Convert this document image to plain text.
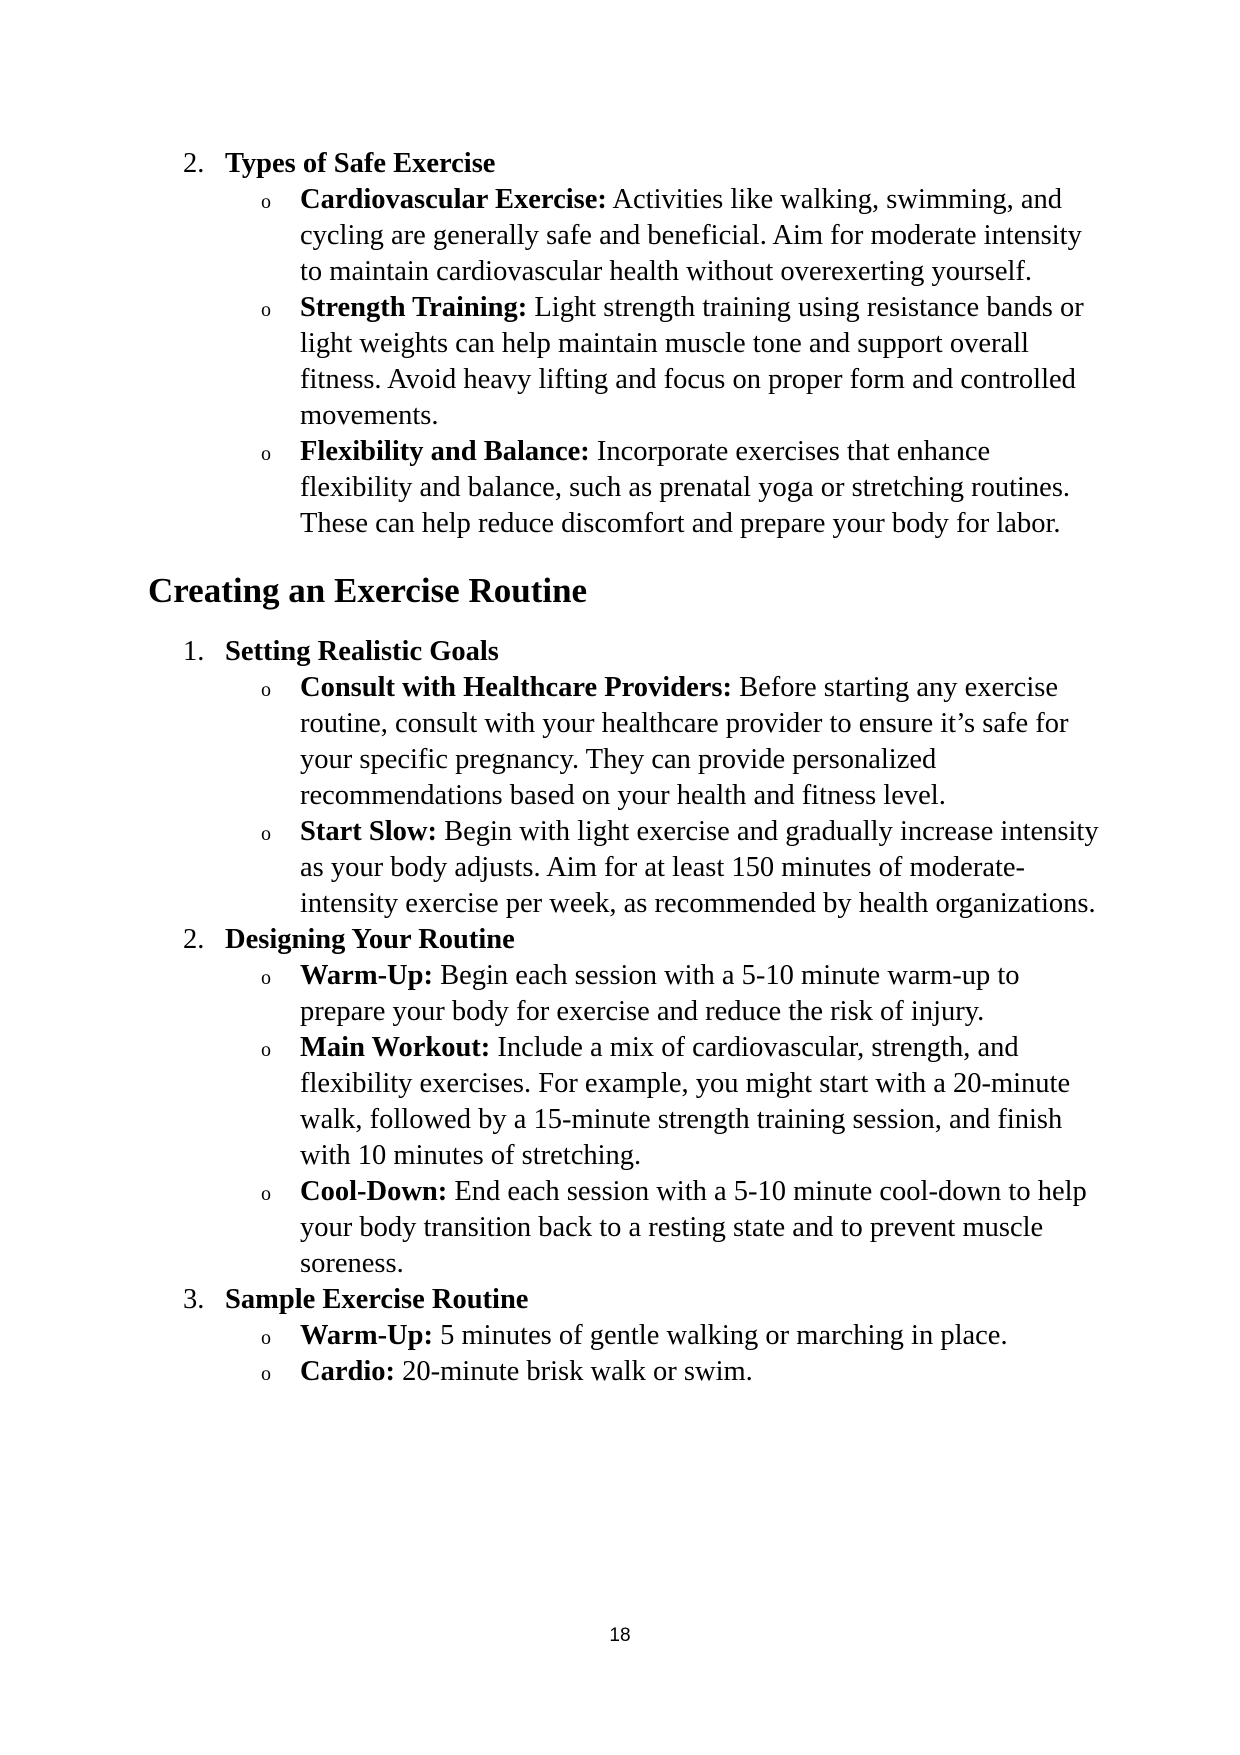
2. Types of Safe Exercise
o Cardiovascular Exercise: Activities like walking, swimming, and cycling are generally safe and beneficial. Aim for moderate intensity to maintain cardiovascular health without overexerting yourself.
o Strength Training: Light strength training using resistance bands or light weights can help maintain muscle tone and support overall fitness. Avoid heavy lifting and focus on proper form and controlled movements.
o Flexibility and Balance: Incorporate exercises that enhance flexibility and balance, such as prenatal yoga or stretching routines. These can help reduce discomfort and prepare your body for labor.
Creating an Exercise Routine
1. Setting Realistic Goals
o Consult with Healthcare Providers: Before starting any exercise routine, consult with your healthcare provider to ensure it’s safe for your specific pregnancy. They can provide personalized recommendations based on your health and fitness level.
o Start Slow: Begin with light exercise and gradually increase intensity as your body adjusts. Aim for at least 150 minutes of moderate-intensity exercise per week, as recommended by health organizations.
2. Designing Your Routine
o Warm-Up: Begin each session with a 5-10 minute warm-up to prepare your body for exercise and reduce the risk of injury.
o Main Workout: Include a mix of cardiovascular, strength, and flexibility exercises. For example, you might start with a 20-minute walk, followed by a 15-minute strength training session, and finish with 10 minutes of stretching.
o Cool-Down: End each session with a 5-10 minute cool-down to help your body transition back to a resting state and to prevent muscle soreness.
3. Sample Exercise Routine
o Warm-Up: 5 minutes of gentle walking or marching in place.
o Cardio: 20-minute brisk walk or swim.
18
